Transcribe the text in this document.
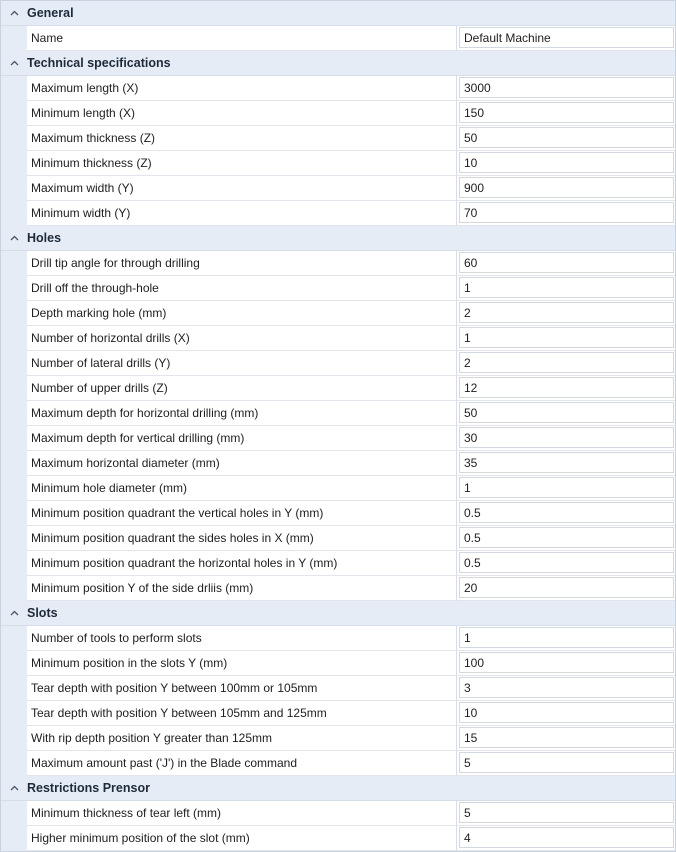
General
Name
Default Machine
Technical specifications
Maximum length (X)
3000
Minimum length (X)
150
Maximum thickness (Z)
50
Minimum thickness (Z)
10
Maximum width (Y)
900
Minimum width (Y)
70
Holes
Drill tip angle for through drilling
60
Drill off the through-hole
1
Depth marking hole (mm)
2
Number of horizontal drills (X)
1
Number of lateral drills (Y)
2
Number of upper drills (Z)
12
Maximum depth for horizontal drilling (mm)
50
Maximum depth for vertical drilling (mm)
30
Maximum horizontal diameter (mm)
35
Minimum hole diameter (mm)
1
Minimum position quadrant the vertical holes in Y (mm)
0.5
Minimum position quadrant the sides holes in X (mm)
0.5
Minimum position quadrant the horizontal holes in Y (mm)
0.5
Minimum position Y of the side drliis (mm)
20
Slots
Number of tools to perform slots
1
Minimum position in the slots Y (mm)
100
Tear depth with position Y between 100mm or 105mm
3
Tear depth with position Y between 105mm and 125mm
10
With rip depth position Y greater than 125mm
15
Maximum amount past ('J') in the Blade command
5
Restrictions Prensor
Minimum thickness of tear left (mm)
5
Higher minimum position of the slot (mm)
4
